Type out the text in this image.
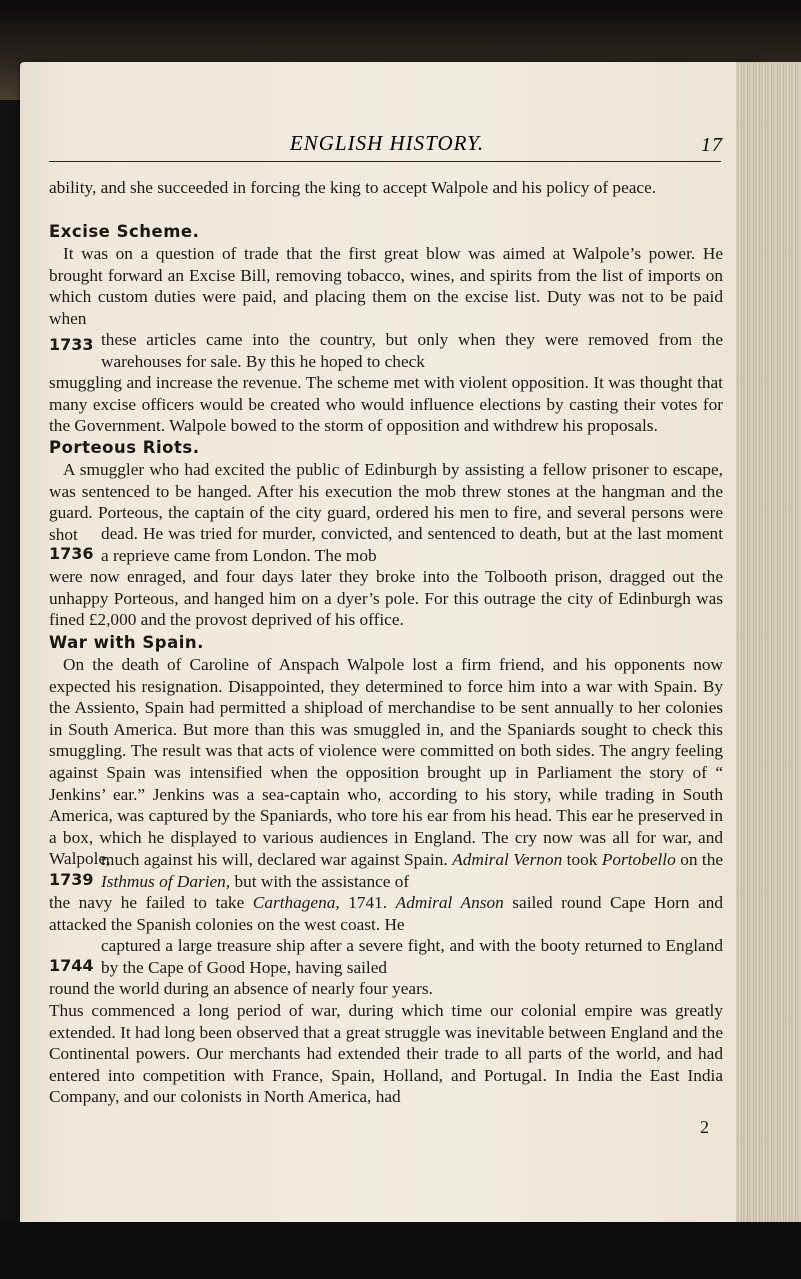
ENGLISH HISTORY.	17

ability, and she succeeded in forcing the king to accept Walpole and his policy of peace.

Excise Scheme.

It was on a question of trade that the first great blow was aimed at Walpole’s power. He brought forward an Excise Bill, removing tobacco, wines, and spirits from the list of imports on which custom duties were paid, and placing them on the excise list. Duty was not to be paid when

1733 these articles came into the country, but only when they were removed from the warehouses for sale. By this he hoped to check

smuggling and increase the revenue. The scheme met with violent opposition. It was thought that many excise officers would be created who would influence elections by casting their votes for the Government. Walpole bowed to the storm of opposition and withdrew his proposals.

Porteous Riots.

A smuggler who had excited the public of Edinburgh by assisting a fellow prisoner to escape, was sentenced to be hanged. After his execution the mob threw stones at the hangman and the guard. Porteous, the captain of the city guard, ordered his men to fire, and several persons were shot

1736

dead. He was tried for murder, convicted, and sentenced to death, but at the last moment a reprieve came from London. The mob

were now enraged, and four days later they broke into the Tolbooth prison, dragged out the unhappy Porteous, and hanged him on a dyer’s pole. For this outrage the city of Edinburgh was fined £2,000 and the provost deprived of his office.

War with Spain.

On the death of Caroline of Anspach Walpole lost a firm friend, and his opponents now expected his resignation. Disappointed, they determined to force him into a war with Spain. By the Assiento, Spain had permitted a shipload of merchandise to be sent annually to her colonies in South America. But more than this was smuggled in, and the Spaniards sought to check this smuggling. The result was that acts of violence were committed on both sides. The angry feeling against Spain was intensified when the opposition brought up in Parliament the story of “ Jenkins’ ear.” Jenkins was a sea-captain who, according to his story, while trading in South America, was captured by the Spaniards, who tore his ear from his head. This ear he preserved in a box, which he displayed to various audiences in England. The cry now was all for war, and Walpole,

1739

much against his will, declared war against Spain. Admiral Vernon took Portobello on the Isthmus of Darien, but with the assistance of

the navy he failed to take Carthagena, 1741. Admiral Anson sailed round Cape Horn and attacked the Spanish colonies on the west coast. He

1744

captured a large treasure ship after a severe fight, and with the booty returned to England by the Cape of Good Hope, having sailed

round the world during an absence of nearly four years.

Thus commenced a long period of war, during which time our colonial empire was greatly extended. It had long been observed that a great struggle was inevitable between England and the Continental powers. Our merchants had extended their trade to all parts of the world, and had entered into competition with France, Spain, Holland, and Portugal. In India the East India Company, and our colonists in North America, had

2
